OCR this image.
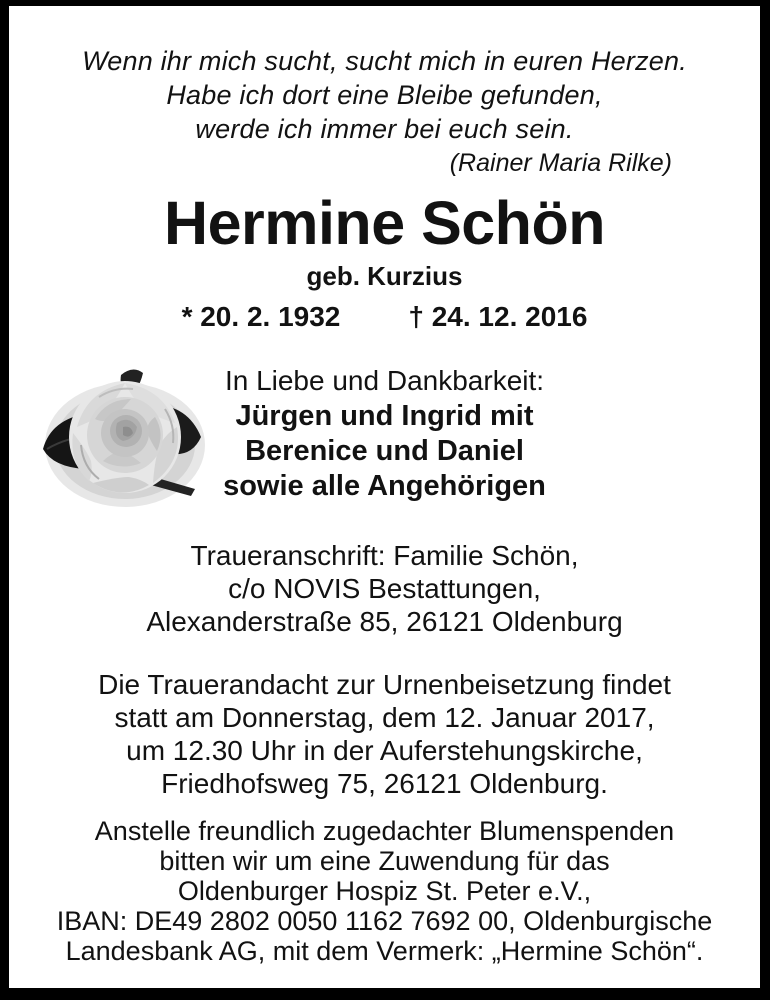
Wenn ihr mich sucht, sucht mich in euren Herzen.
Habe ich dort eine Bleibe gefunden,
werde ich immer bei euch sein.
(Rainer Maria Rilke)
Hermine Schön
geb. Kurzius
* 20. 2. 1932 † 24. 12. 2016
In Liebe und Dankbarkeit:
Jürgen und Ingrid mit
Berenice und Daniel
sowie alle Angehörigen
Traueranschrift: Familie Schön,
c/o NOVIS Bestattungen,
Alexanderstraße 85, 26121 Oldenburg
Die Trauerandacht zur Urnenbeisetzung findet
statt am Donnerstag, dem 12. Januar 2017,
um 12.30 Uhr in der Auferstehungskirche,
Friedhofsweg 75, 26121 Oldenburg.
Anstelle freundlich zugedachter Blumenspenden
bitten wir um eine Zuwendung für das
Oldenburger Hospiz St. Peter e.V.,
IBAN: DE49 2802 0050 1162 7692 00, Oldenburgische
Landesbank AG, mit dem Vermerk: „Hermine Schön“.
